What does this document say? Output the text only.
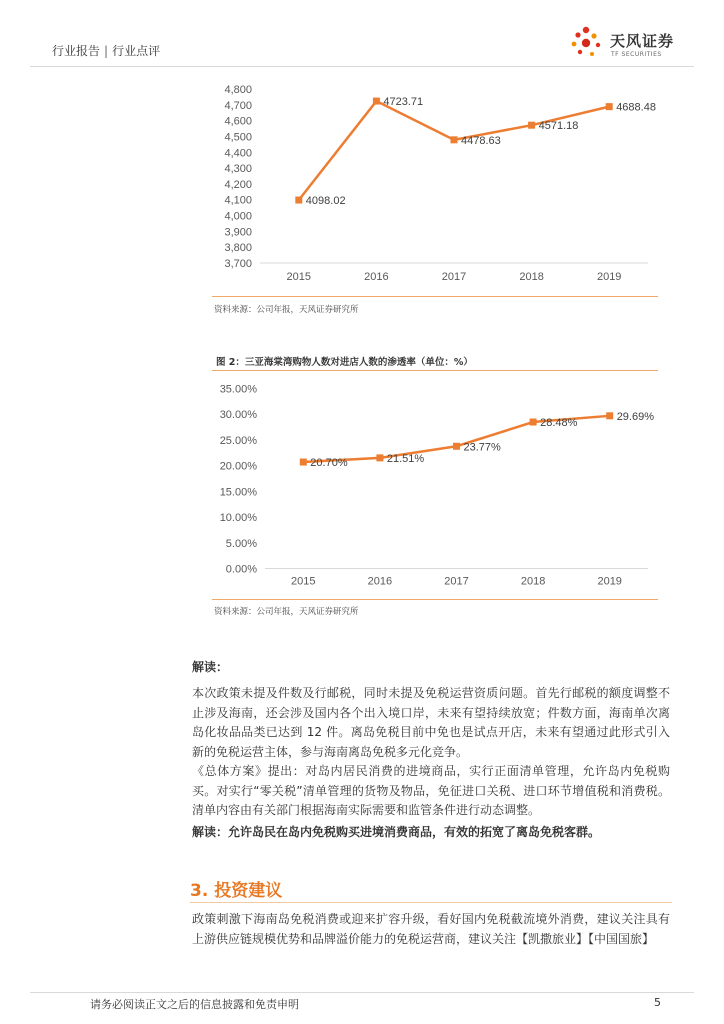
行业报告 | 行业点评
天风证券
TF SECURITIES
3,700
3,800
3,900
4,000
4,100
4,200
4,300
4,400
4,500
4,600
4,700
4,800
2015	2016	2017	2018	2019
4098.02
4723.71
4478.63
4571.18
4688.48
资料来源：公司年报，天风证券研究所
图 2：三亚海棠湾购物人数对进店人数的渗透率（单位：%）
0.00%
5.00%
10.00%
15.00%
20.00%
25.00%
30.00%
35.00%
2015	2016	2017	2018	2019
20.70%	21.51%
23.77%
28.48%
29.69%
资料来源：公司年报，天风证券研究所
解读：
本次政策未提及件数及行邮税，同时未提及免税运营资质问题。首先行邮税的额度调整不止涉及海南，还会涉及国内各个出入境口岸，未来有望持续放宽；件数方面，海南单次离岛化妆品品类已达到 12 件。离岛免税目前中免也是试点开店，未来有望通过此形式引入新的免税运营主体，参与海南离岛免税多元化竞争。
《总体方案》提出：对岛内居民消费的进境商品，实行正面清单管理，允许岛内免税购买。对实行“零关税”清单管理的货物及物品，免征进口关税、进口环节增值税和消费税。清单内容由有关部门根据海南实际需要和监管条件进行动态调整。
解读：允许岛民在岛内免税购买进境消费商品，有效的拓宽了离岛免税客群。
3. 投资建议
政策刺激下海南岛免税消费或迎来扩容升级，看好国内免税截流境外消费，建议关注具有上游供应链规模优势和品牌溢价能力的免税运营商，建议关注【凯撒旅业】【中国国旅】
请务必阅读正文之后的信息披露和免责申明	5
